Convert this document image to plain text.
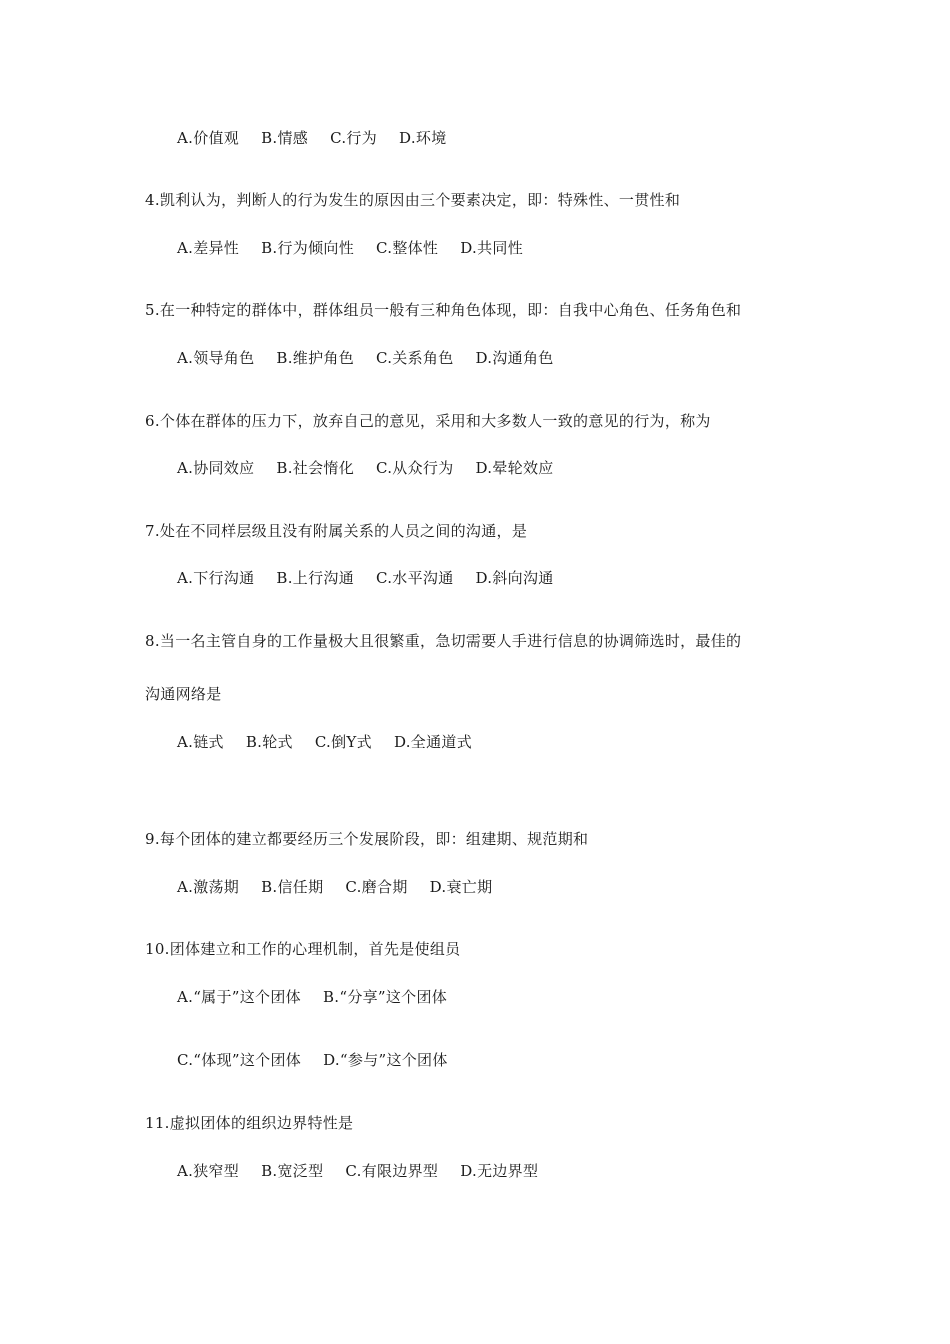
A.价值观 B.情感 C.行为 D.环境
4.凯利认为，判断人的行为发生的原因由三个要素决定，即：特殊性、一贯性和
A.差异性 B.行为倾向性 C.整体性 D.共同性
5.在一种特定的群体中，群体组员一般有三种角色体现，即：自我中心角色、任务角色和
A.领导角色 B.维护角色 C.关系角色 D.沟通角色
6.个体在群体的压力下，放弃自己的意见，采用和大多数人一致的意见的行为，称为
A.协同效应 B.社会惰化 C.从众行为 D.晕轮效应
7.处在不同样层级且没有附属关系的人员之间的沟通，是
A.下行沟通 B.上行沟通 C.水平沟通 D.斜向沟通
8.当一名主管自身的工作量极大且很繁重，急切需要人手进行信息的协调筛选时，最佳的
沟通网络是
A.链式 B.轮式 C.倒Y式 D.全通道式
9.每个团体的建立都要经历三个发展阶段，即：组建期、规范期和
A.激荡期 B.信任期 C.磨合期 D.衰亡期
10.团体建立和工作的心理机制，首先是使组员
A.“属于”这个团体 B.“分享”这个团体
C.“体现”这个团体 D.“参与”这个团体
11.虚拟团体的组织边界特性是
A.狭窄型 B.宽泛型 C.有限边界型 D.无边界型
